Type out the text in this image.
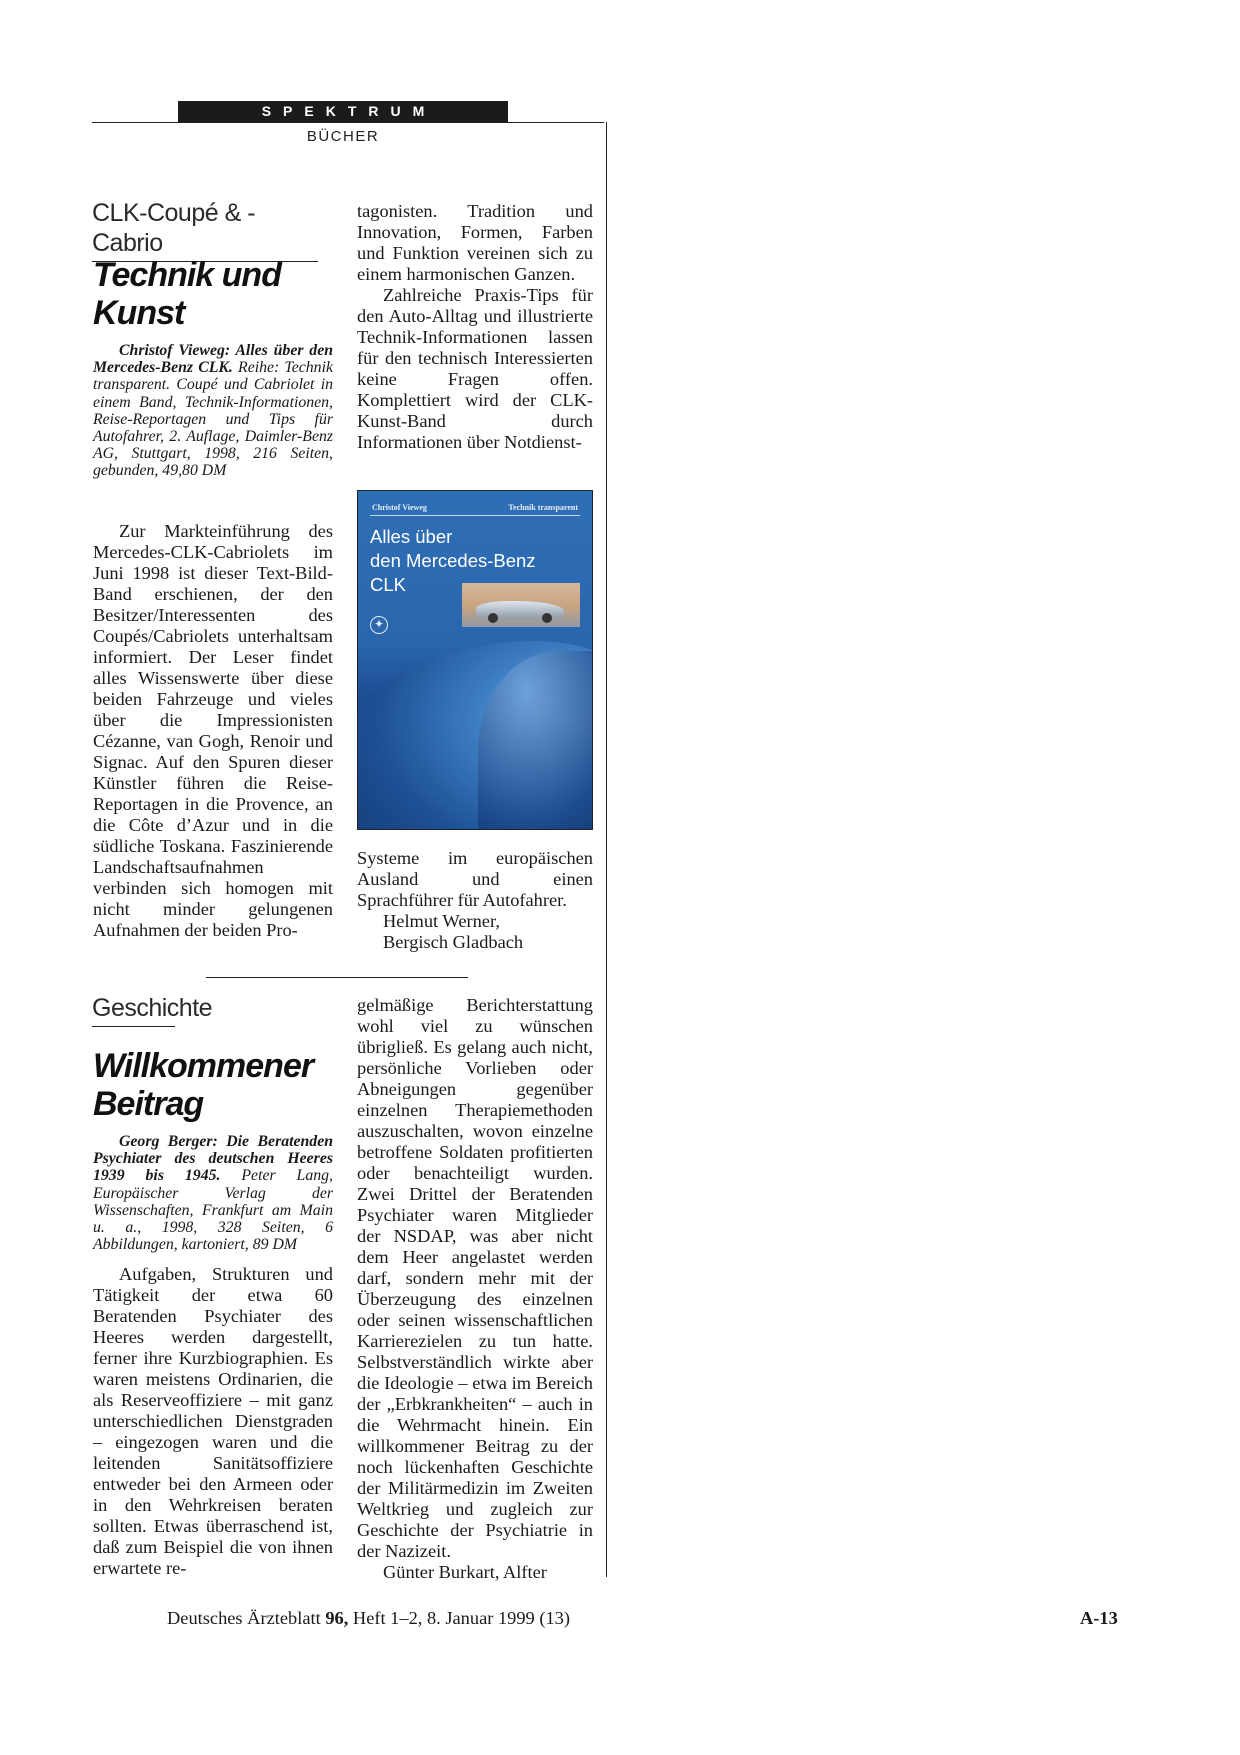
SPEKTRUM
BÜCHER
CLK-Coupé & -Cabrio
Technik und Kunst

Christof Vieweg: Alles über den Mercedes-Benz CLK. Reihe: Technik transparent. Coupé und Cabriolet in einem Band, Technik-Informationen, Reise-Reportagen und Tips für Autofahrer, 2. Auflage, Daimler-Benz AG, Stuttgart, 1998, 216 Seiten, gebunden, 49,80 DM

Zur Markteinführung des Mercedes-CLK-Cabriolets im Juni 1998 ist dieser Text-Bild-Band erschienen, der den Besitzer/Interessenten des Coupés/Cabriolets unterhaltsam informiert. Der Leser findet alles Wissenswerte über diese beiden Fahrzeuge und vieles über die Impressionisten Cézanne, van Gogh, Renoir und Signac. Auf den Spuren dieser Künstler führen die Reise-Reportagen in die Provence, an die Côte d’Azur und in die südliche Toskana. Faszinierende Landschaftsaufnahmen verbinden sich homogen mit nicht minder gelungenen Aufnahmen der beiden Pro-

tagonisten. Tradition und Innovation, Formen, Farben und Funktion vereinen sich zu einem harmonischen Ganzen.

Zahlreiche Praxis-Tips für den Auto-Alltag und illustrierte Technik-Informationen lassen für den technisch Interessierten keine Fragen offen. Komplettiert wird der CLK-Kunst-Band durch Informationen über Notdienst-

Christof Vieweg	Technik transparent
Alles über
den Mercedes-Benz
CLK
✦

Systeme im europäischen Ausland und einen Sprachführer für Autofahrer.

Helmut Werner,

Bergisch Gladbach

Geschichte
Willkommener Beitrag

Georg Berger: Die Beratenden Psychiater des deutschen Heeres 1939 bis 1945. Peter Lang, Europäischer Verlag der Wissenschaften, Frankfurt am Main u. a., 1998, 328 Seiten, 6 Abbildungen, kartoniert, 89 DM

Aufgaben, Strukturen und Tätigkeit der etwa 60 Beratenden Psychiater des Heeres werden dargestellt, ferner ihre Kurzbiographien. Es waren meistens Ordinarien, die als Reserveoffiziere – mit ganz unterschiedlichen Dienstgraden – eingezogen waren und die leitenden Sanitätsoffiziere entweder bei den Armeen oder in den Wehrkreisen beraten sollten. Etwas überraschend ist, daß zum Beispiel die von ihnen erwartete re-

gelmäßige Berichterstattung wohl viel zu wünschen übrigließ. Es gelang auch nicht, persönliche Vorlieben oder Abneigungen gegenüber einzelnen Therapiemethoden auszuschalten, wovon einzelne betroffene Soldaten profitierten oder benachteiligt wurden. Zwei Drittel der Beratenden Psychiater waren Mitglieder der NSDAP, was aber nicht dem Heer angelastet werden darf, sondern mehr mit der Überzeugung des einzelnen oder seinen wissenschaftlichen Karrierezielen zu tun hatte. Selbstverständlich wirkte aber die Ideologie – etwa im Bereich der „Erbkrankheiten“ – auch in die Wehrmacht hinein. Ein willkommener Beitrag zu der noch lückenhaften Geschichte der Militärmedizin im Zweiten Weltkrieg und zugleich zur Geschichte der Psychiatrie in der Nazizeit.

Günter Burkart, Alfter

Deutsches Ärzteblatt 96, Heft 1–2, 8. Januar 1999 (13)	A-13
